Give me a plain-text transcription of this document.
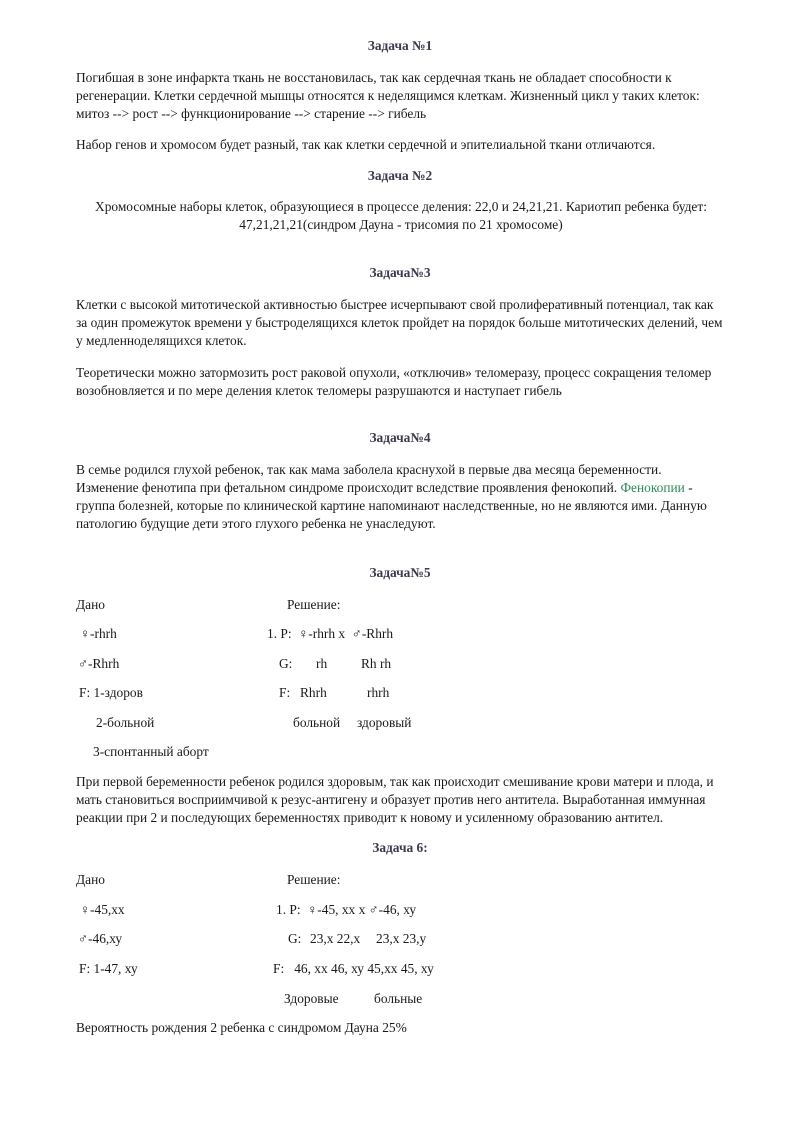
Задача №1
Погибшая в зоне инфаркта ткань не восстановилась, так как сердечная ткань не обладает способности к регенерации. Клетки сердечной мышцы относятся к неделящимся клеткам. Жизненный цикл у таких клеток: митоз --> рост --> функционирование --> старение --> гибель
Набор генов и хромосом будет разный, так как клетки сердечной и эпителиальной ткани отличаются.
Задача №2
Хромосомные наборы клеток, образующиеся в процессе деления: 22,0 и 24,21,21. Кариотип ребенка будет: 47,21,21,21(синдром Дауна - трисомия по 21 хромосоме)
Задача№3
Клетки с высокой митотической активностью быстрее исчерпывают свой пролиферативный потенциал, так как за один промежуток времени у быстроделящихся клеток пройдет на порядок больше митотических делений, чем у медленноделящихся клеток.
Теоретически можно затормозить рост раковой опухоли, «отключив» теломеразу, процесс сокращения теломер возобновляется и по мере деления клеток теломеры разрушаются и наступает гибель
Задача№4
В семье родился глухой ребенок, так как мама заболела краснухой в первые два месяца беременности. Изменение фенотипа при фетальном синдроме происходит вследствие проявления фенокопий. Фенокопии - группа болезней, которые по клинической картине напоминают наследственные, но не являются ими. Данную патологию будущие дети этого глухого ребенка не унаследуют.
Задача№5
Дано	Решение:
♀-rhrh	1. P:  ♀-rhrh x  ♂-Rhrh
♂-Rhrh	G: rh	Rh rh
F: 1-здоров	F: Rhrh	rhrh
2-больной	больной здоровый
3-спонтанный аборт
При первой беременности ребенок родился здоровым, так как происходит смешивание крови матери и плода, и мать становиться восприимчивой к резус-антигену и образует против него антитела. Выработанная иммунная реакции при 2 и последующих беременностях приводит к новому и усиленному образованию антител.
Задача 6:
Дано	Решение:
♀-45,хх	1. P:  ♀-45, хх х ♂-46, ху
♂-46,ху	G: 23,х 22,х 23,х 23,у
F: 1-47, ху	F:   46, хх 46, ху 45,хх 45, ху
Здоровые	больные
Вероятность рождения 2 ребенка с синдромом Дауна 25%
